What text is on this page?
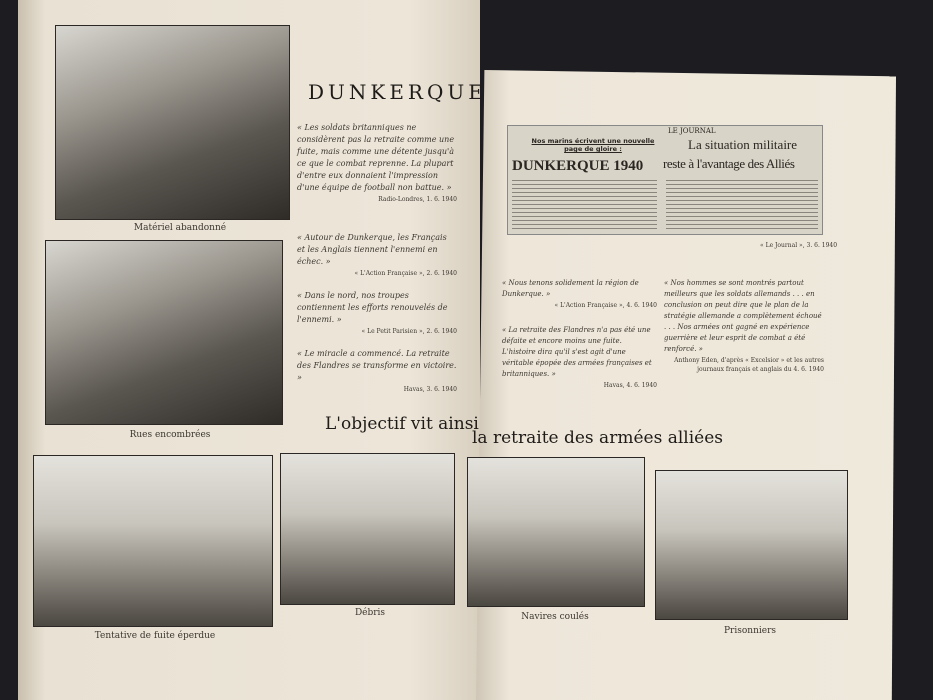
Matériel abandonné
Rues encombrées
Tentative de fuite éperdue
Débris
DUNKERQUE
« Les soldats britanniques ne considèrent pas la retraite comme une fuite, mais comme une détente jusqu'à ce que le combat reprenne. La plupart d'entre eux donnaient l'impression d'une équipe de football non battue. »
Radio-Londres, 1. 6. 1940
« Autour de Dunkerque, les Français et les Anglais tiennent l'ennemi en échec. »
« L'Action Française », 2. 6. 1940
« Dans le nord, nos troupes contiennent les efforts renouvelés de l'ennemi. »
« Le Petit Parisien », 2. 6. 1940
« Le miracle a commencé. La retraite des Flandres se transforme en victoire. »
Havas, 3. 6. 1940
L'objectif vit ainsi
LE JOURNAL
Nos marins écrivent une nouvelle page de gloire :
DUNKERQUE 1940
La situation militaire
reste à l'avantage des Alliés
« Le Journal », 3. 6. 1940
« Nous tenons solidement la région de Dunkerque. »
« L'Action Française », 4. 6. 1940
« La retraite des Flandres n'a pas été une défaite et encore moins une fuite. L'histoire dira qu'il s'est agit d'une véritable épopée des armées françaises et britanniques. »
Havas, 4. 6. 1940
« Nos hommes se sont montrés partout meilleurs que les soldats allemands . . . en conclusion on peut dire que le plan de la stratégie allemande a complètement échoué . . . Nos armées ont gagné en expérience guerrière et leur esprit de combat a été renforcé. »
Anthony Eden, d'après « Excelsior » et les autres journaux français et anglais du 4. 6. 1940
la retraite des armées alliées
Navires coulés
Prisonniers
